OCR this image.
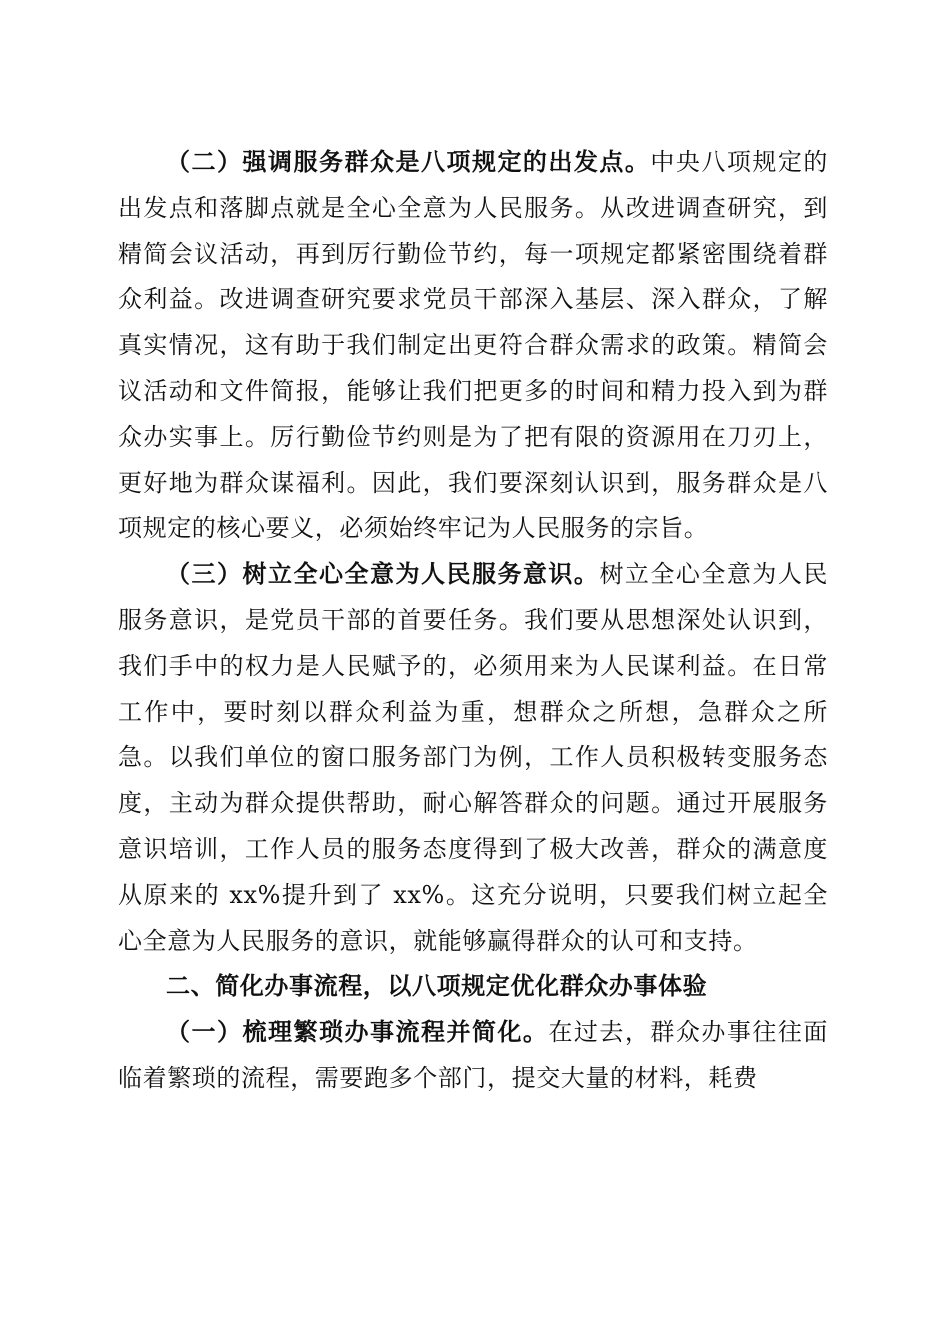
（二）强调服务群众是八项规定的出发点。中央八项规定的出发点和落脚点就是全心全意为人民服务。从改进调查研究，到精简会议活动，再到厉行勤俭节约，每一项规定都紧密围绕着群众利益。改进调查研究要求党员干部深入基层、深入群众，了解真实情况，这有助于我们制定出更符合群众需求的政策。精简会议活动和文件简报，能够让我们把更多的时间和精力投入到为群众办实事上。厉行勤俭节约则是为了把有限的资源用在刀刃上，更好地为群众谋福利。因此，我们要深刻认识到，服务群众是八项规定的核心要义，必须始终牢记为人民服务的宗旨。

（三）树立全心全意为人民服务意识。树立全心全意为人民服务意识，是党员干部的首要任务。我们要从思想深处认识到，我们手中的权力是人民赋予的，必须用来为人民谋利益。在日常工作中，要时刻以群众利益为重，想群众之所想，急群众之所急。以我们单位的窗口服务部门为例，工作人员积极转变服务态度，主动为群众提供帮助，耐心解答群众的问题。通过开展服务意识培训，工作人员的服务态度得到了极大改善，群众的满意度从原来的 xx%提升到了 xx%。这充分说明，只要我们树立起全心全意为人民服务的意识，就能够赢得群众的认可和支持。

二、简化办事流程，以八项规定优化群众办事体验

（一）梳理繁琐办事流程并简化。在过去，群众办事往往面临着繁琐的流程，需要跑多个部门，提交大量的材料，耗费
